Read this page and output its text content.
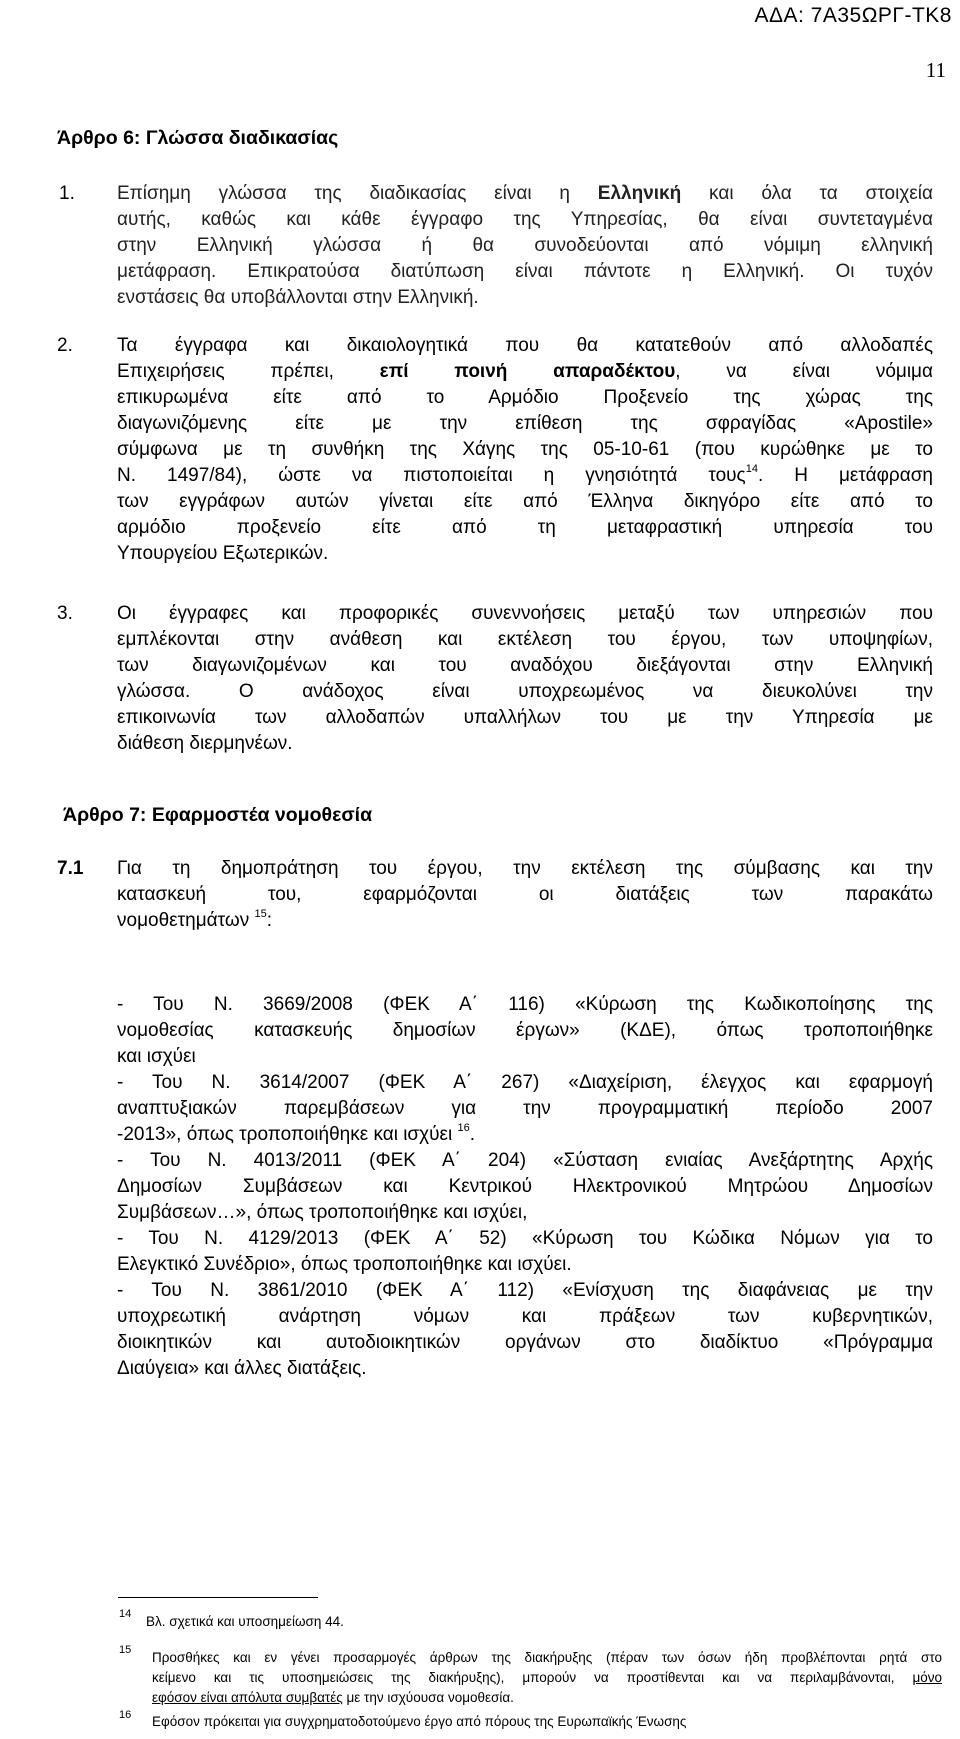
ΑΔΑ: 7Α35ΩΡΓ-ΤΚ8
11
Άρθρο 6: Γλώσσα διαδικασίας
1. Επίσημη γλώσσα της διαδικασίας είναι η Ελληνική και όλα τα στοιχεία
αυτής, καθώς και κάθε έγγραφο της Υπηρεσίας, θα είναι συντεταγμένα
στην Ελληνική γλώσσα ή θα συνοδεύονται από νόμιμη ελληνική
μετάφραση. Επικρατούσα διατύπωση είναι πάντοτε η Ελληνική. Οι τυχόν
ενστάσεις θα υποβάλλονται στην Ελληνική.
2. Τα έγγραφα και δικαιολογητικά που θα κατατεθούν από αλλοδαπές
Επιχειρήσεις πρέπει, επί ποινή απαραδέκτου, να είναι νόμιμα
επικυρωμένα είτε από το Αρμόδιο Προξενείο της χώρας της
διαγωνιζόμενης είτε με την επίθεση της σφραγίδας «Apostile»
σύμφωνα με τη συνθήκη της Χάγης της 05-10-61 (που κυρώθηκε με το
Ν. 1497/84), ώστε να πιστοποιείται η γνησιότητά τους$^{14}$. Η μετάφραση
των εγγράφων αυτών γίνεται είτε από Έλληνα δικηγόρο είτε από το
αρμόδιο προξενείο είτε από τη μεταφραστική υπηρεσία του
Υπουργείου Εξωτερικών.
3. Οι έγγραφες και προφορικές συνεννοήσεις μεταξύ των υπηρεσιών που
εμπλέκονται στην ανάθεση και εκτέλεση του έργου, των υποψηφίων,
των διαγωνιζομένων και του αναδόχου διεξάγονται στην Ελληνική
γλώσσα. Ο ανάδοχος είναι υποχρεωμένος να διευκολύνει την
επικοινωνία των αλλοδαπών υπαλλήλων του με την Υπηρεσία με
διάθεση διερμηνέων.
Άρθρο 7: Εφαρμοστέα νομοθεσία
7.1 Για τη δημοπράτηση του έργου, την εκτέλεση της σύμβασης και την
κατασκευή του, εφαρμόζονται οι διατάξεις των παρακάτω
νομοθετημάτων $^{15}$:
- Του Ν. 3669/2008 (ΦΕΚ Α΄ 116) «Κύρωση της Κωδικοποίησης της
νομοθεσίας κατασκευής δημοσίων έργων» (ΚΔΕ), όπως τροποποιήθηκε
και ισχύει
- Του Ν. 3614/2007 (ΦΕΚ Α΄ 267) «Διαχείριση, έλεγχος και εφαρμογή
αναπτυξιακών παρεμβάσεων για την προγραμματική περίοδο 2007
-2013», όπως τροποποιήθηκε και ισχύει $^{16}$.
- Του Ν. 4013/2011 (ΦΕΚ Α΄ 204) «Σύσταση ενιαίας Ανεξάρτητης Αρχής
Δημοσίων Συμβάσεων και Κεντρικού Ηλεκτρονικού Μητρώου Δημοσίων
Συμβάσεων…», όπως τροποποιήθηκε και ισχύει,
- Του Ν. 4129/2013 (ΦΕΚ Α΄ 52) «Κύρωση του Κώδικα Νόμων για το
Ελεγκτικό Συνέδριο», όπως τροποποιήθηκε και ισχύει.
- Του Ν. 3861/2010 (ΦΕΚ Α΄ 112) «Ενίσχυση της διαφάνειας με την
υποχρεωτική ανάρτηση νόμων και πράξεων των κυβερνητικών,
διοικητικών και αυτοδιοικητικών οργάνων στο διαδίκτυο «Πρόγραμμα
Διαύγεια» και άλλες διατάξεις.
14 Βλ. σχετικά και υποσημείωση 44.
15 Προσθήκες και εν γένει προσαρμογές άρθρων της διακήρυξης (πέραν των όσων ήδη προβλέπονται ρητά στο
κείμενο και τις υποσημειώσεις της διακήρυξης), μπορούν να προστίθενται και να περιλαμβάνονται, μόνο
εφόσον είναι απόλυτα συμβατές με την ισχύουσα νομοθεσία.
16 Εφόσον πρόκειται για συγχρηματοδοτούμενο έργο από πόρους της Ευρωπαϊκής Ένωσης
